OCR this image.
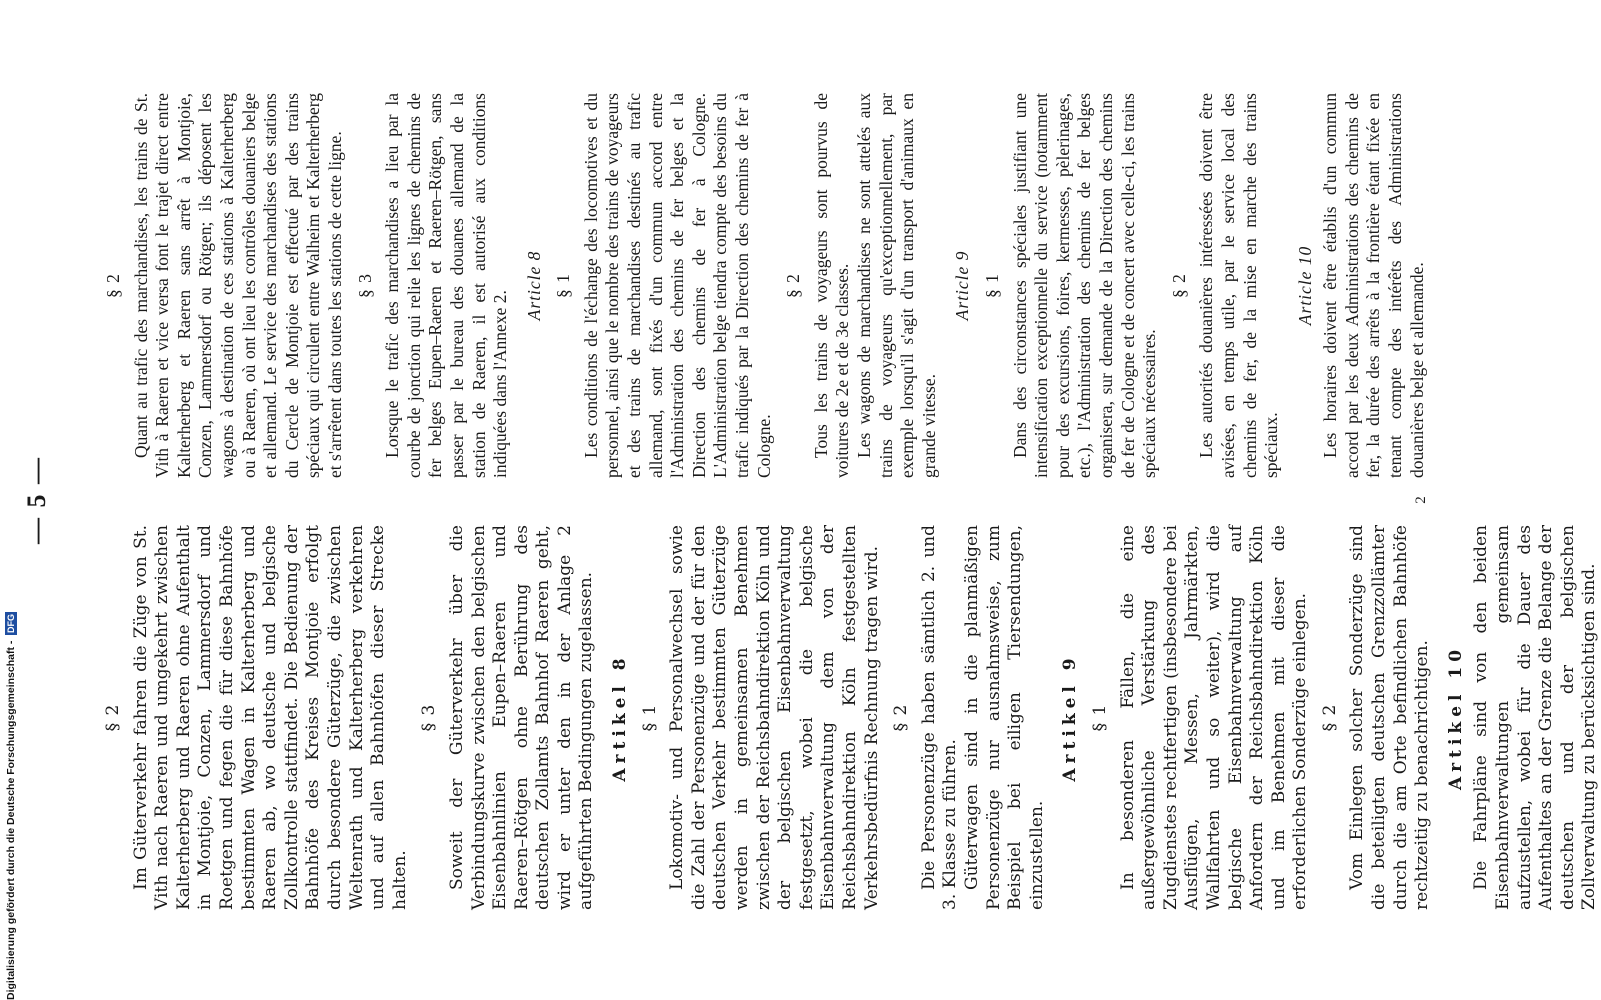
— 5 —
§ 2 Im Güterverkehr fahren die Züge von St. Vith nach Raeren und umgekehrt zwischen Kalterherberg und Raeren ohne Aufenthalt in Montjoie, Conzen, Lammersdorf und Roetgen und fegen die für diese Bahnhöfe bestimmten Wagen in Kalterherberg und Raeren ab, wo deutsche und belgische Zollkontrolle stattfindet. Die Bedienung der Bahnhöfe des Kreises Montjoie erfolgt durch besondere Güterzüge, die zwischen Weltenrath und Kalterherberg verkehren und auf allen Bahnhöfen dieser Strecke halten.

§ 3 Soweit der Güterverkehr über die Verbindungskurve zwischen den belgischen Eisenbahnlinien Eupen–Raeren und Raeren–Rötgen ohne Berührung des deutschen Zollamts Bahnhof Raeren geht, wird er unter den in der Anlage 2 aufgeführten Bedingungen zugelassen. Artikel 8 § 1 Lokomotiv- und Personalwechsel sowie die Zahl der Personenzüge und der für den deutschen Verkehr bestimmten Güterzüge werden in gemeinsamen Benehmen zwischen der Reichsbahndirektion Köln und der belgischen Eisenbahnverwaltung festgesetzt, wobei die belgische Eisenbahnverwaltung dem von der Reichsbahndirektion Köln festgestellten Verkehrsbedürfnis Rechnung tragen wird. § 2 Die Personenzüge haben sämtlich 2. und 3. Klasse zu führen. Güterwagen sind in die planmäßigen Personenzüge nur ausnahmsweise, zum Beispiel bei eiligen Tiersendungen, einzustellen.

Artikel 9 § 1 In besonderen Fällen, die eine außergewöhnliche Verstärkung des Zugdienstes rechtfertigen (insbesondere bei Ausflügen, Messen, Jahrmärkten, Wallfahrten und so weiter), wird die belgische Eisenbahnverwaltung auf Anfordern der Reichsbahndirektion Köln und im Benehmen mit dieser die erforderlichen Sonderzüge einlegen. § 2 Vom Einlegen solcher Sonderzüge sind die beteiligten deutschen Grenzzollämter durch die am Orte befindlichen Bahnhöfe rechtzeitig zu benachrichtigen. Artikel 10 Die Fahrpläne sind von den beiden Eisenbahnverwaltungen gemeinsam aufzustellen, wobei für die Dauer des Aufenthaltes an der Grenze die Belange der deutschen und der belgischen Zollverwaltung zu berücksichtigen sind.

§ 2 Quant au trafic des marchandises, les trains de St. Vith à Raeren et vice versa font le trajet direct entre Kalterherberg et Raeren sans arrêt à Montjoie, Conzen, Lammersdorf ou Rötgen; ils déposent les wagons à destination de ces stations à Kalterherberg ou à Raeren, où ont lieu les contrôles douaniers belge et allemand. Le service des marchandises des stations du Cercle de Montjoie est effectué par des trains spéciaux qui circulent entre Walheim et Kalterherberg et s'arrêtent dans toutes les stations de cette ligne. § 3 Lorsque le trafic des marchandises a lieu par la courbe de jonction qui relie les lignes de chemins de fer belges Eupen–Raeren et Raeren–Rötgen, sans passer par le bureau des douanes allemand de la station de Raeren, il est autorisé aux conditions indiquées dans l'Annexe 2.

Article 8 § 1 Les conditions de l'échange des locomotives et du personnel, ainsi que le nombre des trains de voyageurs et des trains de marchandises destinés au trafic allemand, sont fixés d'un commun accord entre l'Administration des chemins de fer belges et la Direction des chemins de fer à Cologne. L'Administration belge tiendra compte des besoins du trafic indiqués par la Direction des chemins de fer à Cologne.

§ 2 Tous les trains de voyageurs sont pourvus de voitures de 2e et de 3e classes. Les wagons de marchandises ne sont attelés aux trains de voyageurs qu'exceptionnellement, par exemple lorsqu'il s'agit d'un transport d'animaux en grande vitesse.

Article 9 § 1 Dans des circonstances spéciales justifiant une intensification exceptionnelle du service (notamment pour des excursions, foires, kermesses, pèlerinages, etc.), l'Administration des chemins de fer belges organisera, sur demande de la Direction des chemins de fer de Cologne et de concert avec celle-ci, les trains spéciaux nécessaires.

§ 2 Les autorités douanières intéressées doivent être avisées, en temps utile, par le service local des chemins de fer, de la mise en marche des trains spéciaux.

Article 10 Les horaires doivent être établis d'un commun accord par les deux Administrations des chemins de fer, la durée des arrêts à la frontière étant fixée en tenant compte des intérêts des Administrations douanières belge et allemande.

2
Digitalisierung gefördert durch die Deutsche Forschungsgemeinschaft -
DFG
